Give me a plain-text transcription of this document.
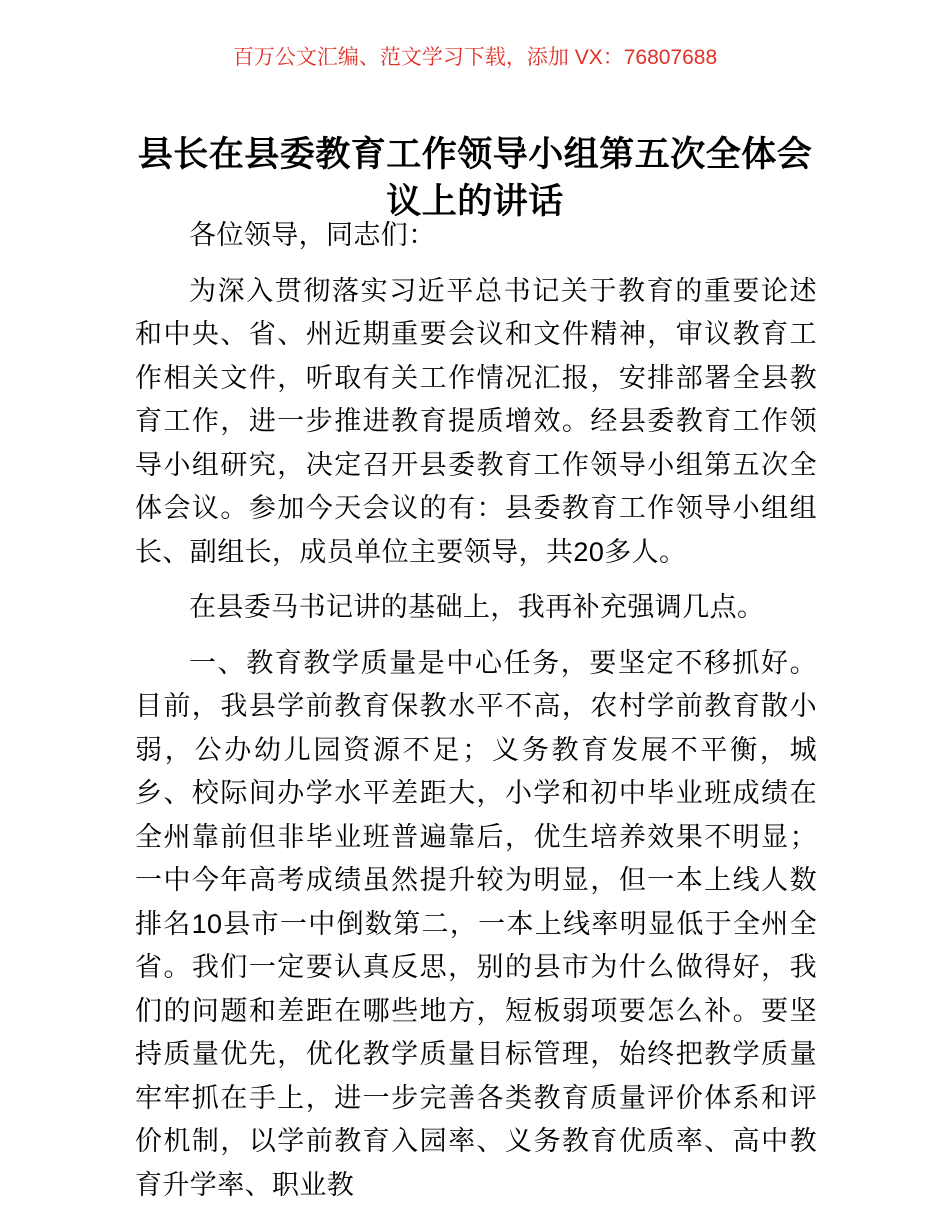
百万公文汇编、范文学习下载，添加 VX：76807688
县长在县委教育工作领导小组第五次全体会议上的讲话

各位领导，同志们：

为深入贯彻落实习近平总书记关于教育的重要论述和中央、省、州近期重要会议和文件精神，审议教育工作相关文件，听取有关工作情况汇报，安排部署全县教育工作，进一步推进教育提质增效。经县委教育工作领导小组研究，决定召开县委教育工作领导小组第五次全体会议。参加今天会议的有：县委教育工作领导小组组长、副组长，成员单位主要领导，共20多人。

在县委马书记讲的基础上，我再补充强调几点。

一、教育教学质量是中心任务，要坚定不移抓好。目前，我县学前教育保教水平不高，农村学前教育散小弱，公办幼儿园资源不足；义务教育发展不平衡，城乡、校际间办学水平差距大，小学和初中毕业班成绩在全州靠前但非毕业班普遍靠后，优生培养效果不明显；一中今年高考成绩虽然提升较为明显，但一本上线人数排名10县市一中倒数第二，一本上线率明显低于全州全省。我们一定要认真反思，别的县市为什么做得好，我们的问题和差距在哪些地方，短板弱项要怎么补。要坚持质量优先，优化教学质量目标管理，始终把教学质量牢牢抓在手上，进一步完善各类教育质量评价体系和评价机制，以学前教育入园率、义务教育优质率、高中教育升学率、职业教
